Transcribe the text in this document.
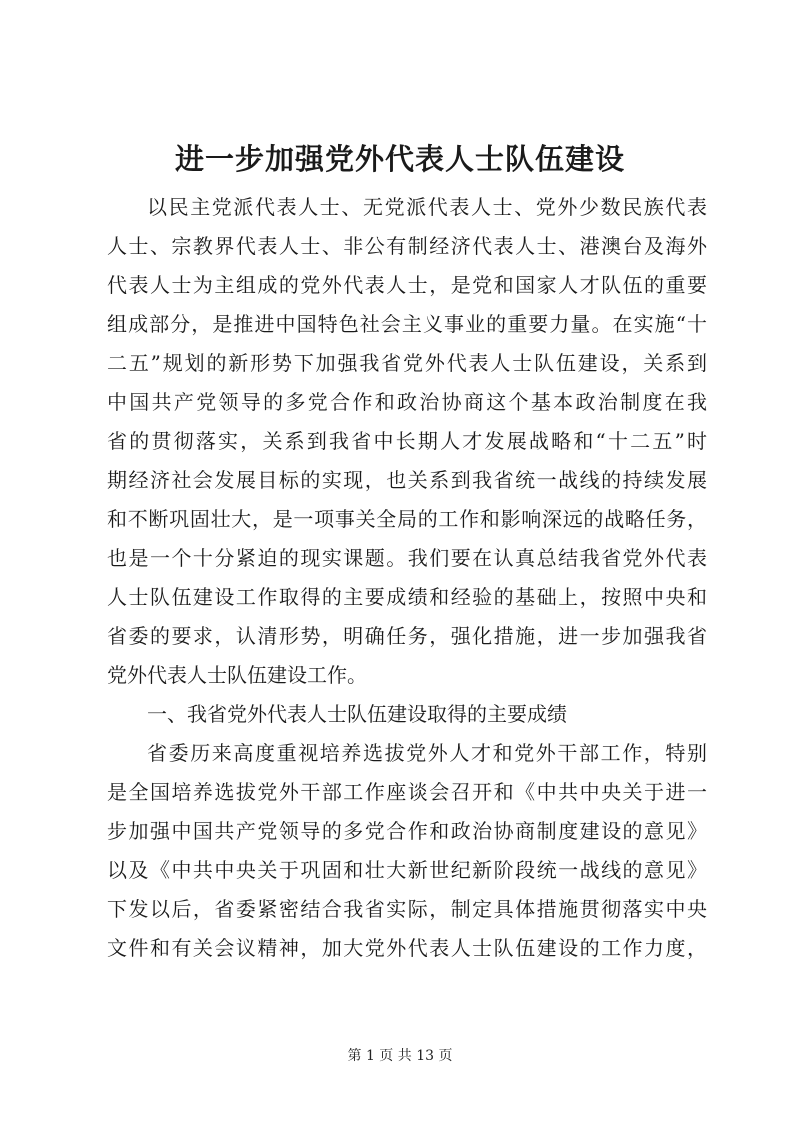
进一步加强党外代表人士队伍建设
以民主党派代表人士、无党派代表人士、党外少数民族代表
人士、宗教界代表人士、非公有制经济代表人士、港澳台及海外
代表人士为主组成的党外代表人士，是党和国家人才队伍的重要
组成部分，是推进中国特色社会主义事业的重要力量。在实施“十
二五”规划的新形势下加强我省党外代表人士队伍建设，关系到
中国共产党领导的多党合作和政治协商这个基本政治制度在我
省的贯彻落实，关系到我省中长期人才发展战略和“十二五”时
期经济社会发展目标的实现，也关系到我省统一战线的持续发展
和不断巩固壮大，是一项事关全局的工作和影响深远的战略任务，
也是一个十分紧迫的现实课题。我们要在认真总结我省党外代表
人士队伍建设工作取得的主要成绩和经验的基础上，按照中央和
省委的要求，认清形势，明确任务，强化措施，进一步加强我省
党外代表人士队伍建设工作。
一、我省党外代表人士队伍建设取得的主要成绩
省委历来高度重视培养选拔党外人才和党外干部工作，特别
是全国培养选拔党外干部工作座谈会召开和《中共中央关于进一
步加强中国共产党领导的多党合作和政治协商制度建设的意见》
以及《中共中央关于巩固和壮大新世纪新阶段统一战线的意见》
下发以后，省委紧密结合我省实际，制定具体措施贯彻落实中央
文件和有关会议精神，加大党外代表人士队伍建设的工作力度，
第 1 页 共 13 页
